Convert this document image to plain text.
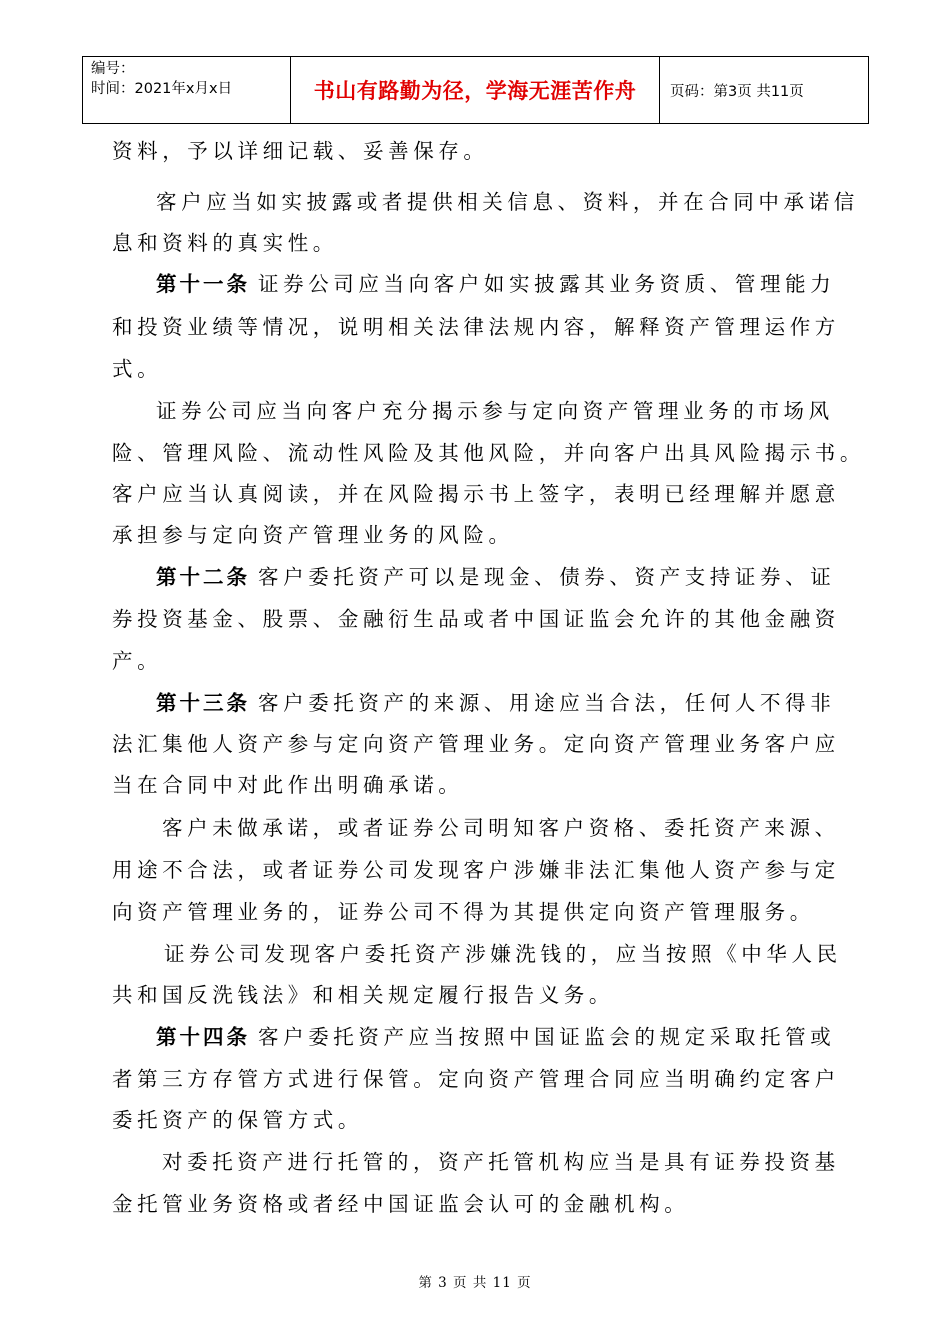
编号：
时间：2021年x月x日	书山有路勤为径，学海无涯苦作舟	页码：第3页 共11页
资料，予以详细记载、妥善保存。
客户应当如实披露或者提供相关信息、资料，并在合同中承诺信
息和资料的真实性。
第十一条 证券公司应当向客户如实披露其业务资质、管理能力
和投资业绩等情况，说明相关法律法规内容，解释资产管理运作方
式。
证券公司应当向客户充分揭示参与定向资产管理业务的市场风
险、管理风险、流动性风险及其他风险，并向客户出具风险揭示书。
客户应当认真阅读，并在风险揭示书上签字，表明已经理解并愿意
承担参与定向资产管理业务的风险。
第十二条 客户委托资产可以是现金、债券、资产支持证券、证
券投资基金、股票、金融衍生品或者中国证监会允许的其他金融资
产。
第十三条 客户委托资产的来源、用途应当合法，任何人不得非
法汇集他人资产参与定向资产管理业务。定向资产管理业务客户应
当在合同中对此作出明确承诺。
客户未做承诺，或者证券公司明知客户资格、委托资产来源、
用途不合法，或者证券公司发现客户涉嫌非法汇集他人资产参与定
向资产管理业务的，证券公司不得为其提供定向资产管理服务。
证券公司发现客户委托资产涉嫌洗钱的，应当按照《中华人民
共和国反洗钱法》和相关规定履行报告义务。
第十四条 客户委托资产应当按照中国证监会的规定采取托管或
者第三方存管方式进行保管。定向资产管理合同应当明确约定客户
委托资产的保管方式。
对委托资产进行托管的，资产托管机构应当是具有证券投资基
金托管业务资格或者经中国证监会认可的金融机构。
第 3 页 共 11 页
